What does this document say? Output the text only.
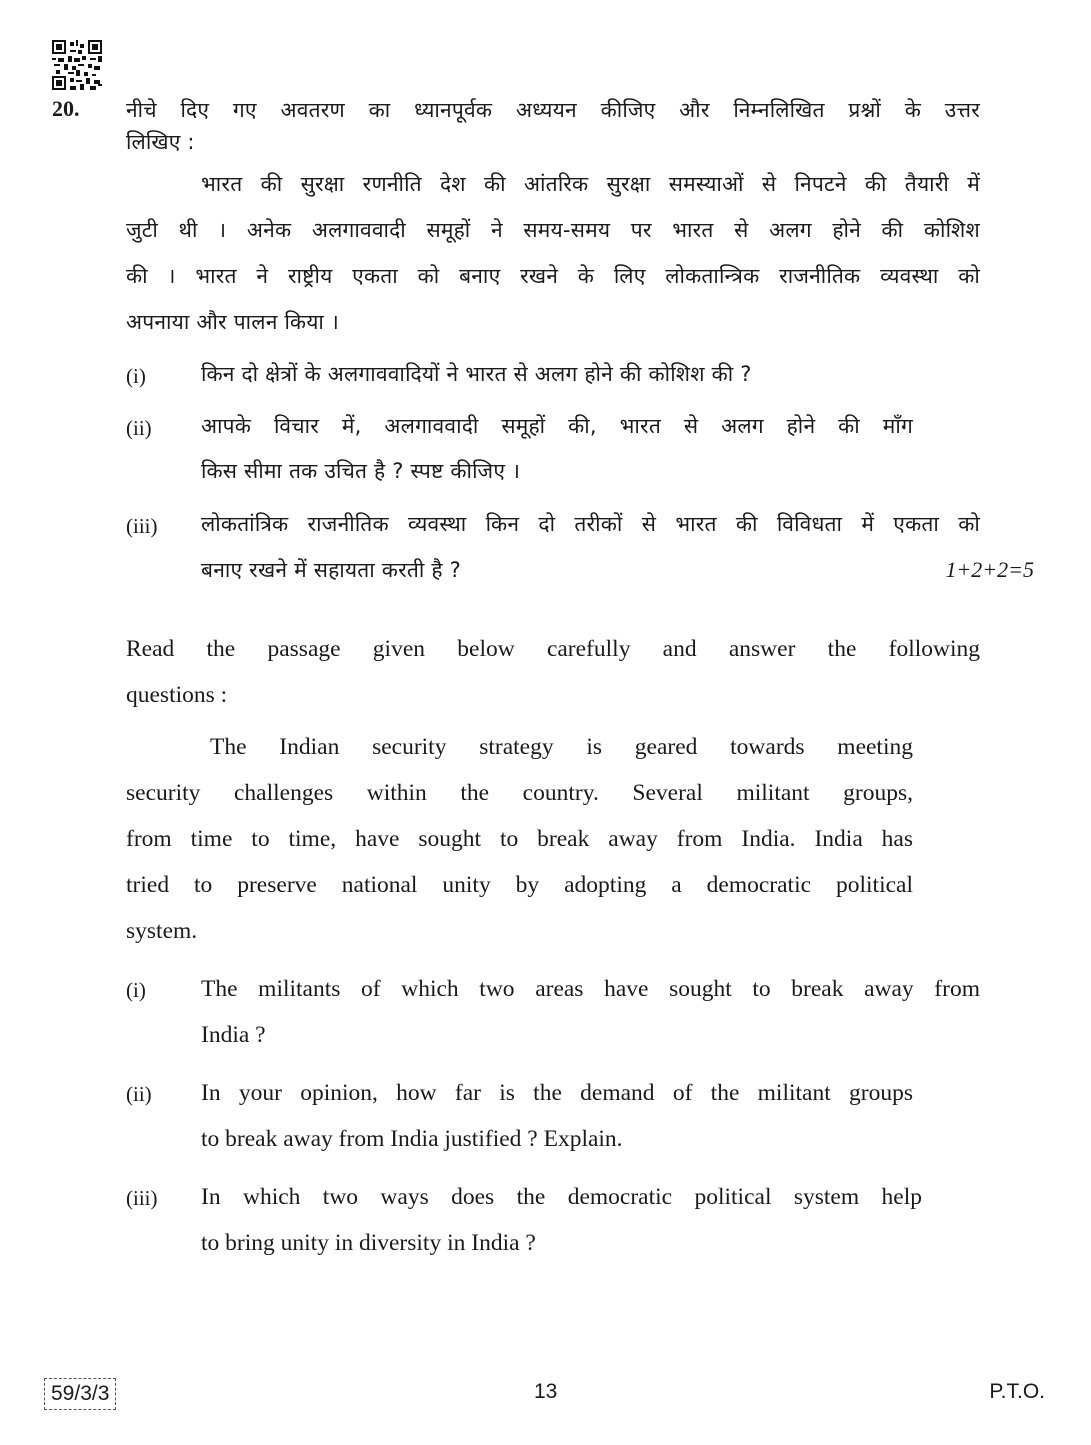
20. नीचे दिए गए अवतरण का ध्यानपूर्वक अध्ययन कीजिए और निम्नलिखित प्रश्नों के उत्तर
लिखिए :
भारत की सुरक्षा रणनीति देश की आंतरिक सुरक्षा समस्याओं से निपटने की तैयारी में
जुटी थी । अनेक अलगाववादी समूहों ने समय-समय पर भारत से अलग होने की कोशिश
की । भारत ने राष्ट्रीय एकता को बनाए रखने के लिए लोकतान्त्रिक राजनीतिक व्यवस्था को
अपनाया और पालन किया ।
(i)	किन दो क्षेत्रों के अलगाववादियों ने भारत से अलग होने की कोशिश की ?
(ii) आपके विचार में, अलगाववादी समूहों की, भारत से अलग होने की माँग
किस सीमा तक उचित है ? स्पष्ट कीजिए ।
(iii) लोकतांत्रिक राजनीतिक व्यवस्था किन दो तरीकों से भारत की विविधता में एकता को
बनाए रखने में सहायता करती है ?	1+2+2=5
Read the passage given below carefully and answer the following
questions :
The Indian security strategy is geared towards meeting
security challenges within the country. Several militant groups,
from time to time, have sought to break away from India. India has
tried to preserve national unity by adopting a democratic political
system.
(i) The militants of which two areas have sought to break away from
India ?
(ii) In your opinion, how far is the demand of the militant groups
to break away from India justified ? Explain.
(iii) In which two ways does the democratic political system help
to bring unity in diversity in India ?
59/3/3	13	P.T.O.
